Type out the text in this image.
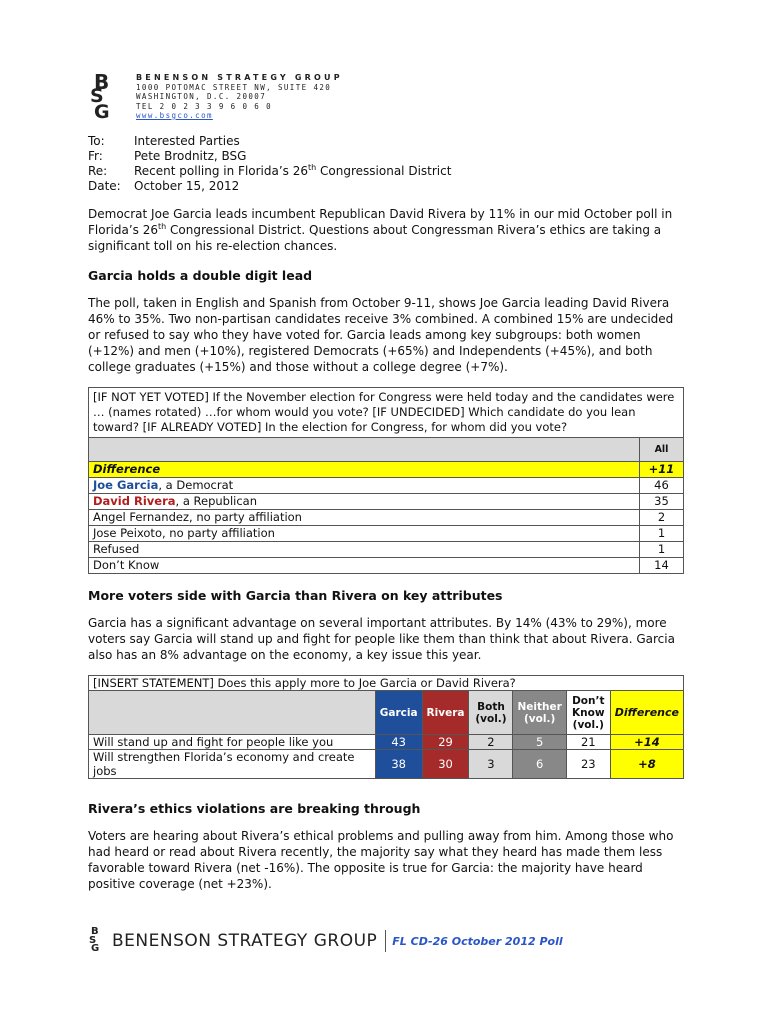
B
S
G
BENENSON STRATEGY GROUP
1000 POTOMAC STREET NW, SUITE 420
WASHINGTON, D.C. 20007
TEL 2 0 2 3 3 9 6 0 6 0
www.bsgco.com
To:	Interested Parties
Fr:	Pete Brodnitz, BSG
Re:	Recent polling in Florida’s 26th Congressional District
Date:	October 15, 2012

Democrat Joe Garcia leads incumbent Republican David Rivera by 11% in our mid October poll in Florida’s 26th Congressional District. Questions about Congressman Rivera’s ethics are taking a significant toll on his re-election chances.

Garcia holds a double digit lead

The poll, taken in English and Spanish from October 9-11, shows Joe Garcia leading David Rivera 46% to 35%. Two non-partisan candidates receive 3% combined. A combined 15% are undecided or refused to say who they have voted for. Garcia leads among key subgroups: both women (+12%) and men (+10%), registered Democrats (+65%) and Independents (+45%), and both college graduates (+15%) and those without a college degree (+7%).

[IF NOT YET VOTED] If the November election for Congress were held today and the candidates were … (names rotated) …for whom would you vote? [IF UNDECIDED] Which candidate do you lean toward? [IF ALREADY VOTED] In the election for Congress, for whom did you vote?	
	All
Difference	+11
Joe Garcia, a Democrat	46
David Rivera, a Republican	35
Angel Fernandez, no party affiliation	2
Jose Peixoto, no party affiliation	1
Refused	1
Don’t Know	14
More voters side with Garcia than Rivera on key attributes

Garcia has a significant advantage on several important attributes. By 14% (43% to 29%), more voters say Garcia will stand up and fight for people like them than think that about Rivera. Garcia also has an 8% advantage on the economy, a key issue this year.

[INSERT STATEMENT] Does this apply more to Joe Garcia or David Rivera?						
	Garcia	Rivera	Both (vol.)	Neither (vol.)	Don’t Know (vol.)	Difference
Will stand up and fight for people like you	43	29	2	5	21	+14
Will strengthen Florida’s economy and create jobs	38	30	3	6	23	+8
Rivera’s ethics violations are breaking through

Voters are hearing about Rivera’s ethical problems and pulling away from him. Among those who had heard or read about Rivera recently, the majority say what they heard has made them less favorable toward Rivera (net -16%). The opposite is true for Garcia: the majority have heard positive coverage (net +23%).

B
S
G BENENSON STRATEGY GROUP FL CD-26 October 2012 Poll
